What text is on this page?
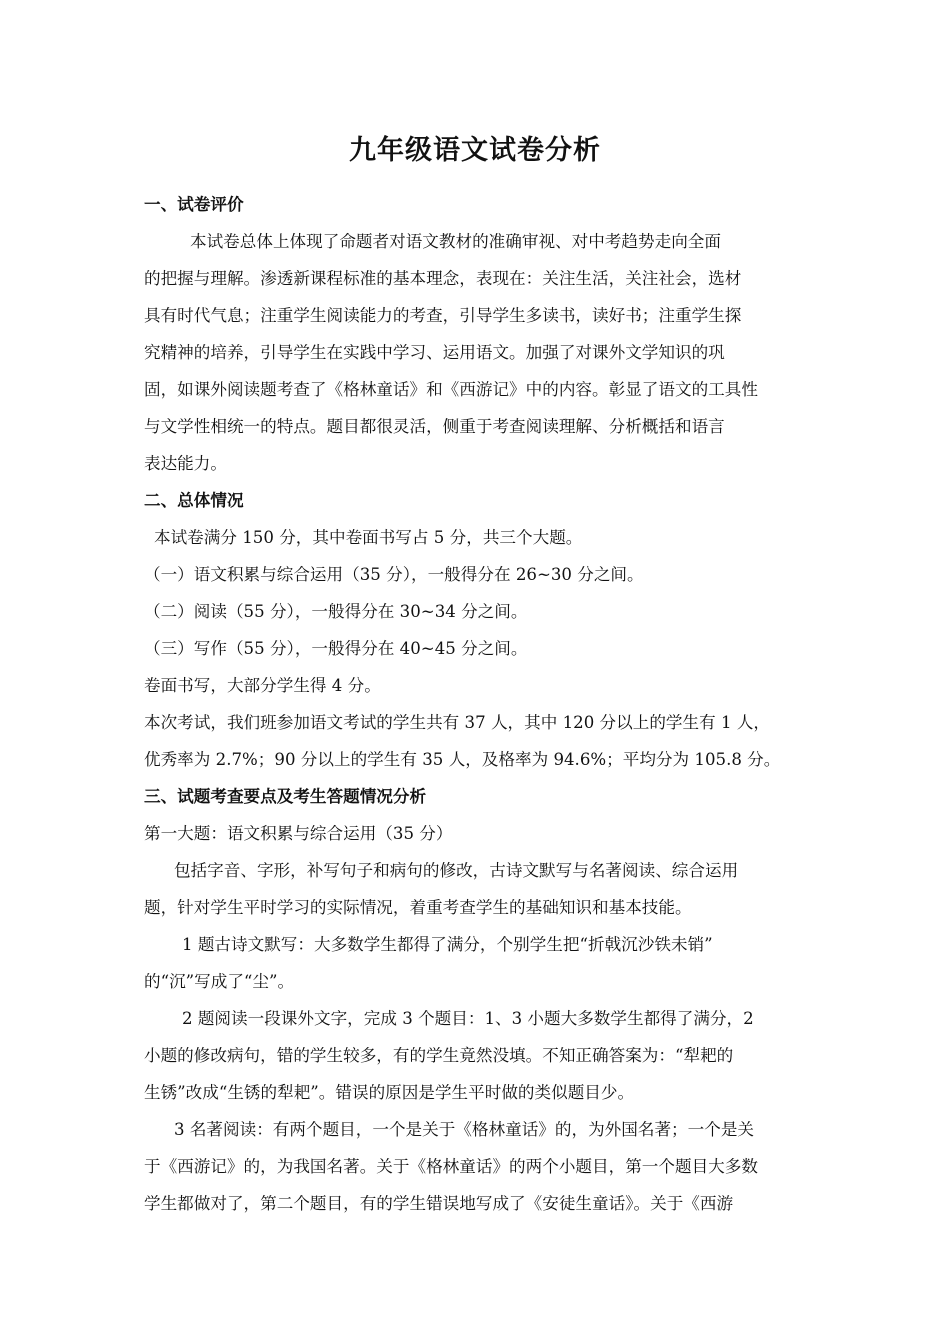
九年级语文试卷分析

一、试卷评价

本试卷总体上体现了命题者对语文教材的准确审视、对中考趋势走向全面

的把握与理解。渗透新课程标准的基本理念，表现在：关注生活，关注社会，选材

具有时代气息；注重学生阅读能力的考查，引导学生多读书，读好书；注重学生探

究精神的培养，引导学生在实践中学习、运用语文。加强了对课外文学知识的巩

固，如课外阅读题考查了《格林童话》和《西游记》中的内容。彰显了语文的工具性

与文学性相统一的特点。题目都很灵活，侧重于考查阅读理解、分析概括和语言

表达能力。

二、总体情况

本试卷满分 150 分，其中卷面书写占 5 分，共三个大题。

（一）语文积累与综合运用（35 分），一般得分在 26~30 分之间。

（二）阅读（55 分），一般得分在 30~34 分之间。

（三）写作（55 分），一般得分在 40~45 分之间。

卷面书写，大部分学生得 4 分。

本次考试，我们班参加语文考试的学生共有 37 人，其中 120 分以上的学生有 1 人，

优秀率为 2.7%；90 分以上的学生有 35 人，及格率为 94.6%；平均分为 105.8 分。

三、试题考查要点及考生答题情况分析

第一大题：语文积累与综合运用（35 分）

包括字音、字形，补写句子和病句的修改，古诗文默写与名著阅读、综合运用

题，针对学生平时学习的实际情况，着重考查学生的基础知识和基本技能。

1 题古诗文默写：大多数学生都得了满分，个别学生把“折戟沉沙铁未销”

的“沉”写成了“尘”。

2 题阅读一段课外文字，完成 3 个题目：1、3 小题大多数学生都得了满分，2

小题的修改病句，错的学生较多，有的学生竟然没填。不知正确答案为：“犁耙的

生锈”改成“生锈的犁耙”。错误的原因是学生平时做的类似题目少。

3 名著阅读：有两个题目，一个是关于《格林童话》的，为外国名著；一个是关

于《西游记》的，为我国名著。关于《格林童话》的两个小题目，第一个题目大多数

学生都做对了，第二个题目，有的学生错误地写成了《安徒生童话》。关于《西游
